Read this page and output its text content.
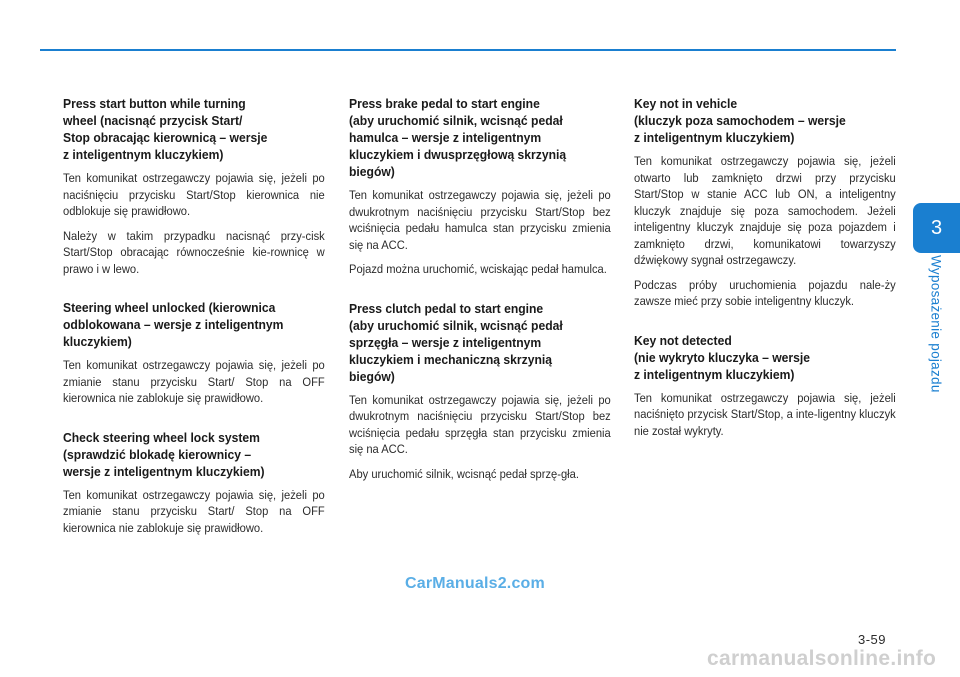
Press start button while turning
wheel (nacisnąć przycisk Start/
Stop obracając kierownicą – wersje
z inteligentnym kluczykiem)

Ten komunikat ostrzegawczy pojawia się, jeżeli po naciśnięciu przycisku Start/Stop kierownica nie odblokuje się prawidłowo.

Należy w takim przypadku nacisnąć przy-cisk Start/Stop obracając równocześnie kie-rownicę w prawo i w lewo.

Steering wheel unlocked (kierownica
odblokowana – wersje z inteligentnym
kluczykiem)

Ten komunikat ostrzegawczy pojawia się, jeżeli po zmianie stanu przycisku Start/ Stop na OFF kierownica nie zablokuje się prawidłowo.

Check steering wheel lock system
(sprawdzić blokadę kierownicy –
wersje z inteligentnym kluczykiem)

Ten komunikat ostrzegawczy pojawia się, jeżeli po zmianie stanu przycisku Start/ Stop na OFF kierownica nie zablokuje się prawidłowo.

Press brake pedal to start engine
(aby uruchomić silnik, wcisnąć pedał
hamulca – wersje z inteligentnym
kluczykiem i dwusprzęgłową skrzynią
biegów)

Ten komunikat ostrzegawczy pojawia się, jeżeli po dwukrotnym naciśnięciu przycisku Start/Stop bez wciśnięcia pedału hamulca stan przycisku zmienia się na ACC.

Pojazd można uruchomić, wciskając pedał hamulca.

Press clutch pedal to start engine
(aby uruchomić silnik, wcisnąć pedał
sprzęgła – wersje z inteligentnym
kluczykiem i mechaniczną skrzynią
biegów)

Ten komunikat ostrzegawczy pojawia się, jeżeli po dwukrotnym naciśnięciu przycisku Start/Stop bez wciśnięcia pedału sprzęgła stan przycisku zmienia się na ACC.

Aby uruchomić silnik, wcisnąć pedał sprzę-gła.

Key not in vehicle
(kluczyk poza samochodem – wersje
z inteligentnym kluczykiem)

Ten komunikat ostrzegawczy pojawia się, jeżeli otwarto lub zamknięto drzwi przy przycisku Start/Stop w stanie ACC lub ON, a inteligentny kluczyk znajduje się poza samochodem. Jeżeli inteligentny kluczyk znajduje się poza pojazdem i zamknięto drzwi, komunikatowi towarzyszy dźwiękowy sygnał ostrzegawczy.

Podczas próby uruchomienia pojazdu nale-ży zawsze mieć przy sobie inteligentny kluczyk.

Key not detected
(nie wykryto kluczyka – wersje
z inteligentnym kluczykiem)

Ten komunikat ostrzegawczy pojawia się, jeżeli naciśnięto przycisk Start/Stop, a inte-ligentny kluczyk nie został wykryty.

3
Wyposażenie pojazdu
CarManuals2.com
3-59
carmanualsonline.info
